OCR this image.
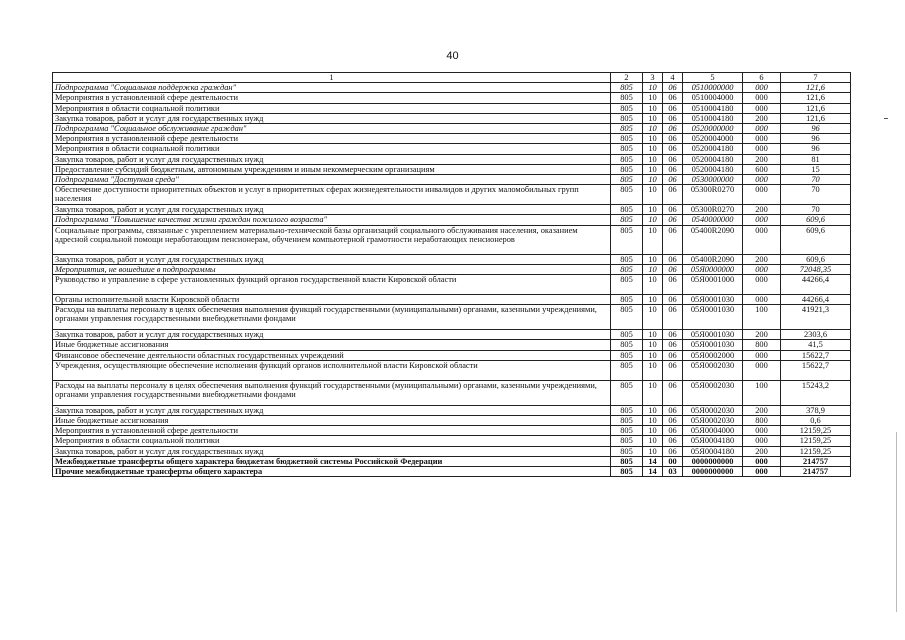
40
1	2	3	4	5	6	7
Подпрограмма "Социальная поддержка граждан"	805	10	06	0510000000	000	121,6
Мероприятия в установленной сфере деятельности	805	10	06	0510004000	000	121,6
Мероприятия в области социальной политики	805	10	06	0510004180	000	121,6
Закупка товаров, работ и услуг для государственных нужд	805	10	06	0510004180	200	121,6
Подпрограмма "Социальное обслуживание граждан"	805	10	06	0520000000	000	96
Мероприятия в установленной сфере деятельности	805	10	06	0520004000	000	96
Мероприятия в области социальной политики	805	10	06	0520004180	000	96
Закупка товаров, работ и услуг для государственных нужд	805	10	06	0520004180	200	81
Предоставление субсидий бюджетным, автономным учреждениям и иным некоммерческим организациям	805	10	06	0520004180	600	15
Подпрограмма "Доступная среда"	805	10	06	0530000000	000	70
Обеспечение доступности приоритетных объектов и услуг в приоритетных сферах жизнедеятельности инвалидов и других маломобильных групп населения	805	10	06	05300R0270	000	70
Закупка товаров, работ и услуг для государственных нужд	805	10	06	05300R0270	200	70
Подпрограмма "Повышение качества жизни граждан пожилого возраста"	805	10	06	0540000000	000	609,6
Социальные программы, связанные с укреплением материально-технической базы организаций социального обслуживания населения, оказанием адресной социальной помощи неработающим пенсионерам, обучением компьютерной грамотности неработающих пенсионеров	805	10	06	05400R2090	000	609,6
Закупка товаров, работ и услуг для государственных нужд	805	10	06	05400R2090	200	609,6
Мероприятия, не вошедшие в подпрограммы	805	10	06	05Я0000000	000	72048,35
Руководство и управление в сфере установленных функций органов государственной власти Кировской области	805	10	06	05Я0001000	000	44266,4
Органы исполнительной власти Кировской области	805	10	06	05Я0001030	000	44266,4
Расходы на выплаты персоналу в целях обеспечения выполнения функций государственными (муниципальными) органами, казенными учреждениями, органами управления государственными внебюджетными фондами	805	10	06	05Я0001030	100	41921,3
Закупка товаров, работ и услуг для государственных нужд	805	10	06	05Я0001030	200	2303,6
Иные бюджетные ассигнования	805	10	06	05Я0001030	800	41,5
Финансовое обеспечение деятельности областных государственных учреждений	805	10	06	05Я0002000	000	15622,7
Учреждения, осуществляющие обеспечение исполнения функций органов исполнительной власти Кировской области	805	10	06	05Я0002030	000	15622,7
Расходы на выплаты персоналу в целях обеспечения выполнения функций государственными (муниципальными) органами, казенными учреждениями, органами управления государственными внебюджетными фондами	805	10	06	05Я0002030	100	15243,2
Закупка товаров, работ и услуг для государственных нужд	805	10	06	05Я0002030	200	378,9
Иные бюджетные ассигнования	805	10	06	05Я0002030	800	0,6
Мероприятия в установленной сфере деятельности	805	10	06	05Я0004000	000	12159,25
Мероприятия в области социальной политики	805	10	06	05Я0004180	000	12159,25
Закупка товаров, работ и услуг для государственных нужд	805	10	06	05Я0004180	200	12159,25
Межбюджетные трансферты общего характера бюджетам бюджетной системы Российской Федерации	805	14	00	0000000000	000	214757
Прочие межбюджетные трансферты общего характера	805	14	03	0000000000	000	214757
